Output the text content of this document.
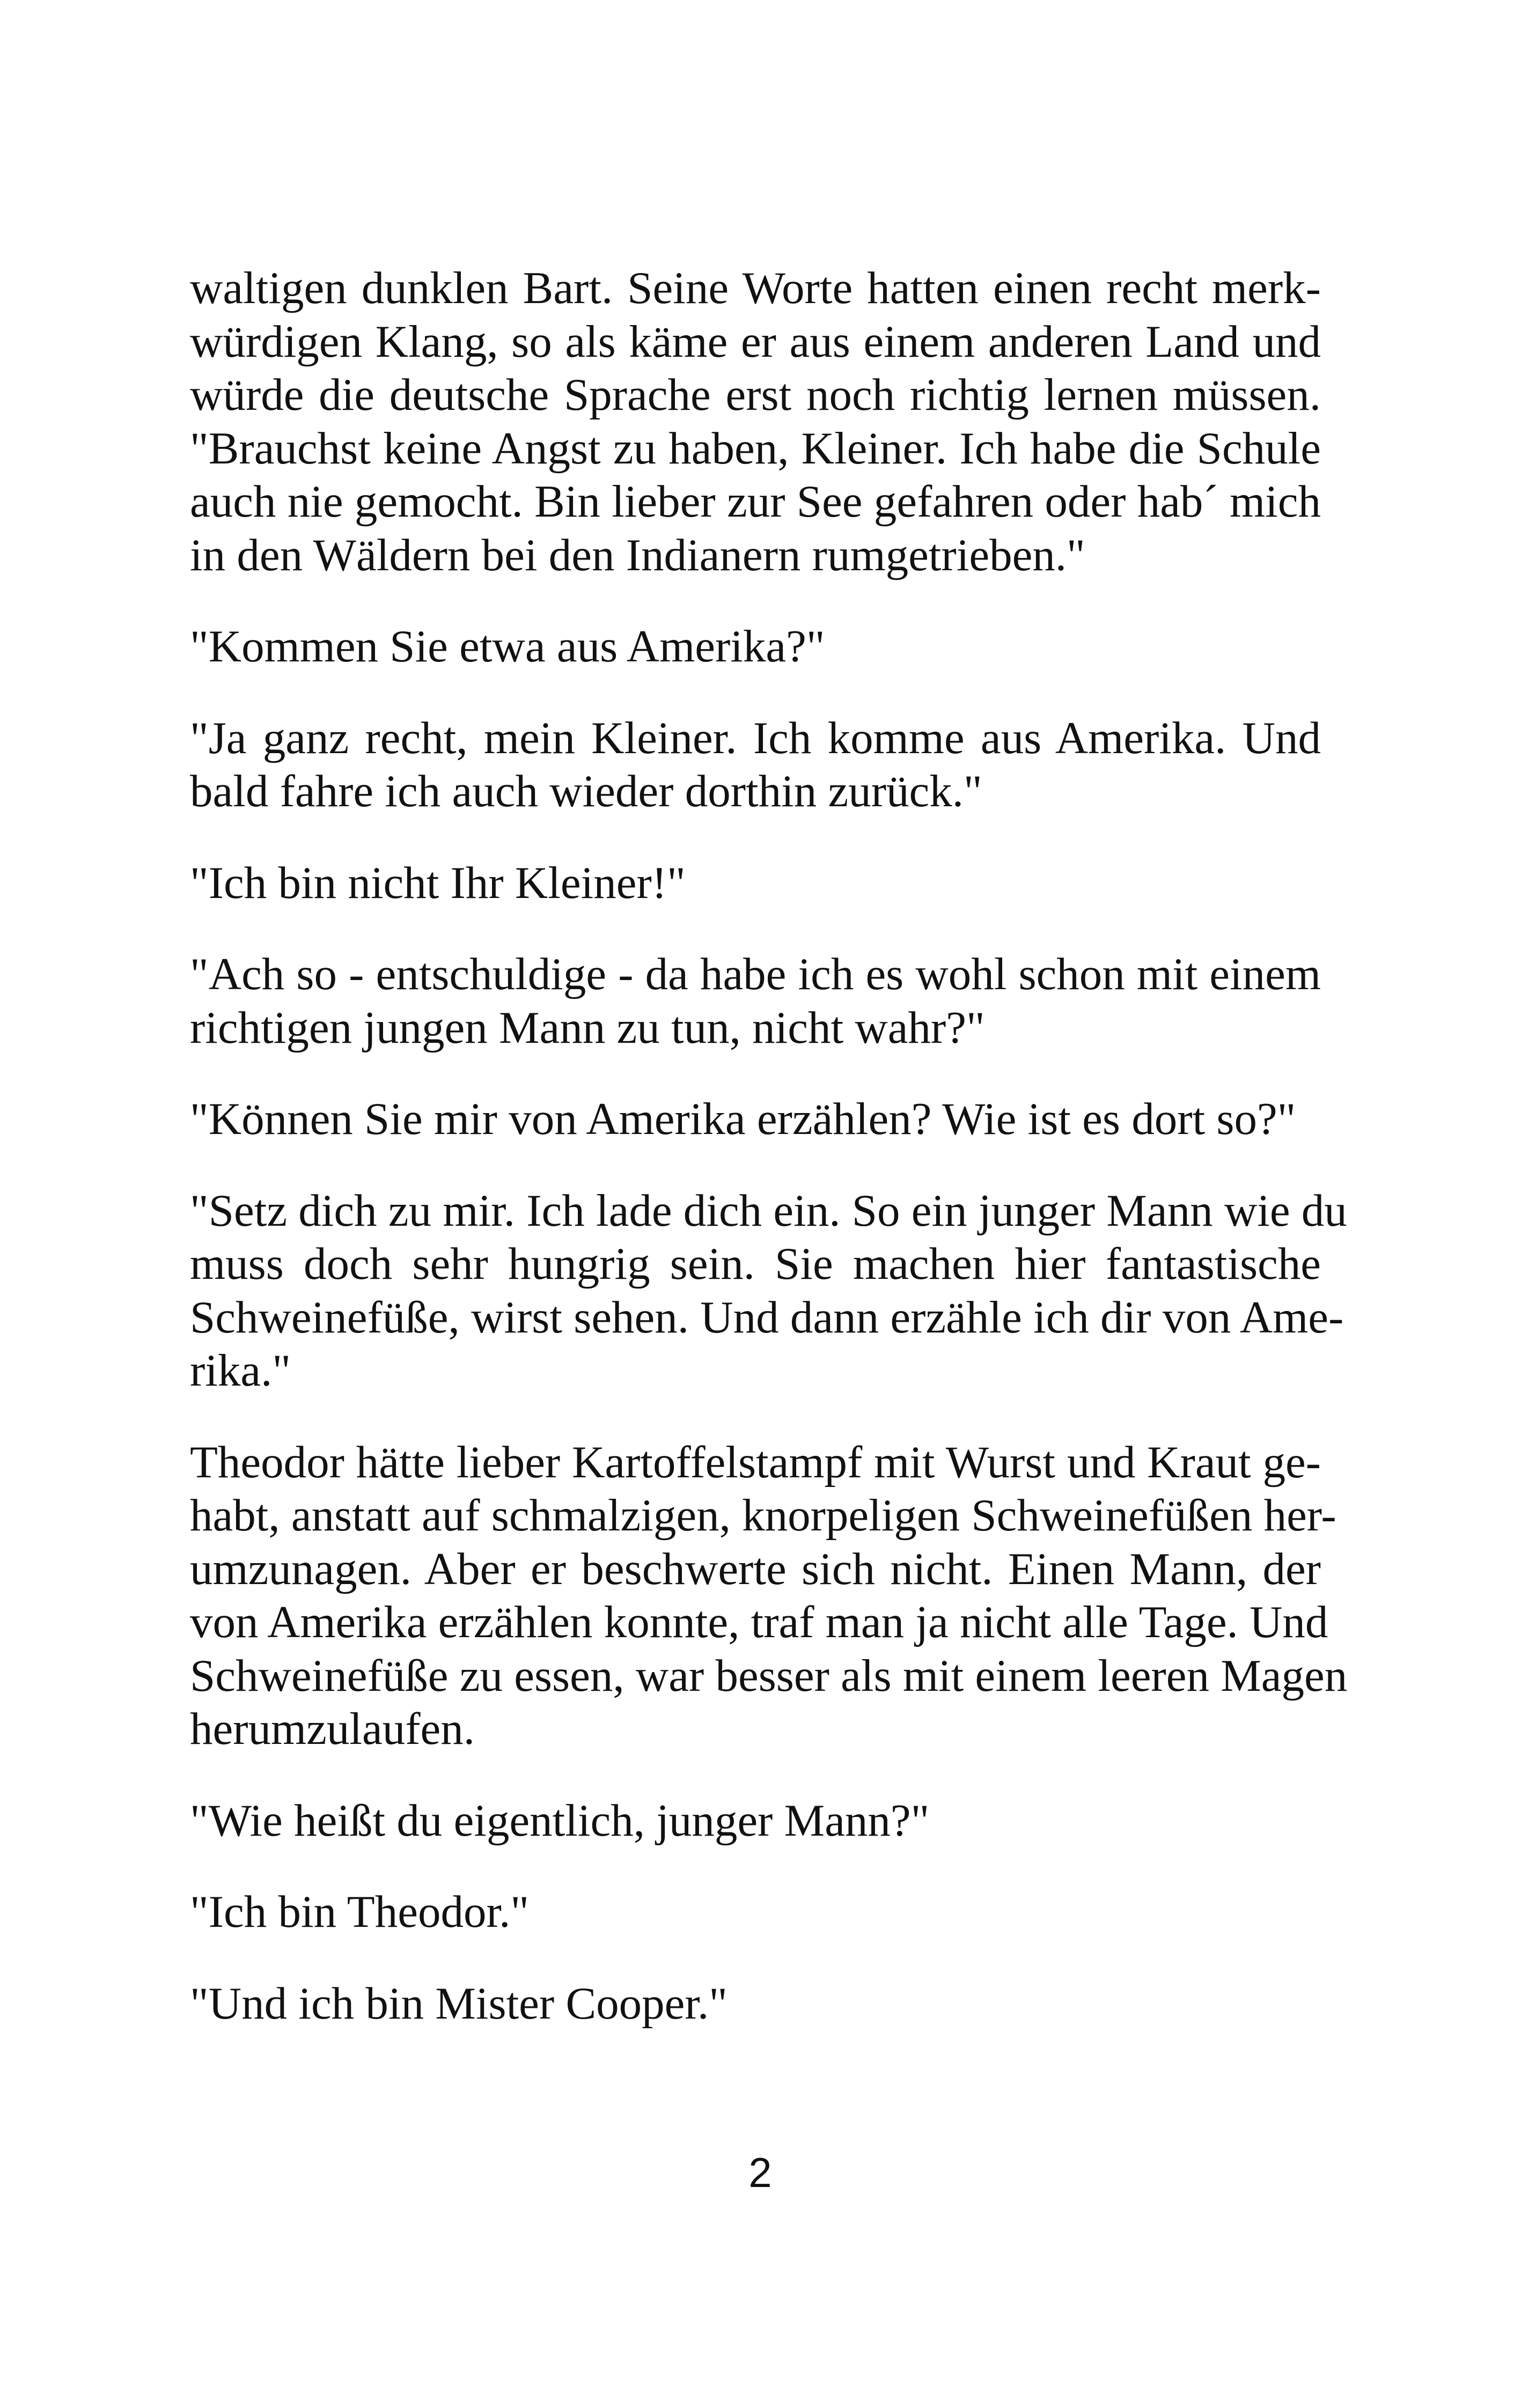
waltigen dunklen Bart. Seine Worte hatten einen recht merk-
würdigen Klang, so als käme er aus einem anderen Land und
würde die deutsche Sprache erst noch richtig lernen müssen.
"Brauchst keine Angst zu haben, Kleiner. Ich habe die Schule
auch nie gemocht. Bin lieber zur See gefahren oder hab´ mich
in den Wäldern bei den Indianern rumgetrieben."
"Kommen Sie etwa aus Amerika?"
"Ja ganz recht, mein Kleiner. Ich komme aus Amerika. Und
bald fahre ich auch wieder dorthin zurück."
"Ich bin nicht Ihr Kleiner!"
"Ach so - entschuldige - da habe ich es wohl schon mit einem
richtigen jungen Mann zu tun, nicht wahr?"
"Können Sie mir von Amerika erzählen? Wie ist es dort so?"
"Setz dich zu mir. Ich lade dich ein. So ein junger Mann wie du
muss doch sehr hungrig sein. Sie machen hier fantastische
Schweinefüße, wirst sehen. Und dann erzähle ich dir von Ame-
rika."
Theodor hätte lieber Kartoffelstampf mit Wurst und Kraut ge-
habt, anstatt auf schmalzigen, knorpeligen Schweinefüßen her-
umzunagen. Aber er beschwerte sich nicht. Einen Mann, der
von Amerika erzählen konnte, traf man ja nicht alle Tage. Und
Schweinefüße zu essen, war besser als mit einem leeren Magen
herumzulaufen.
"Wie heißt du eigentlich, junger Mann?"
"Ich bin Theodor."
"Und ich bin Mister Cooper."
2
